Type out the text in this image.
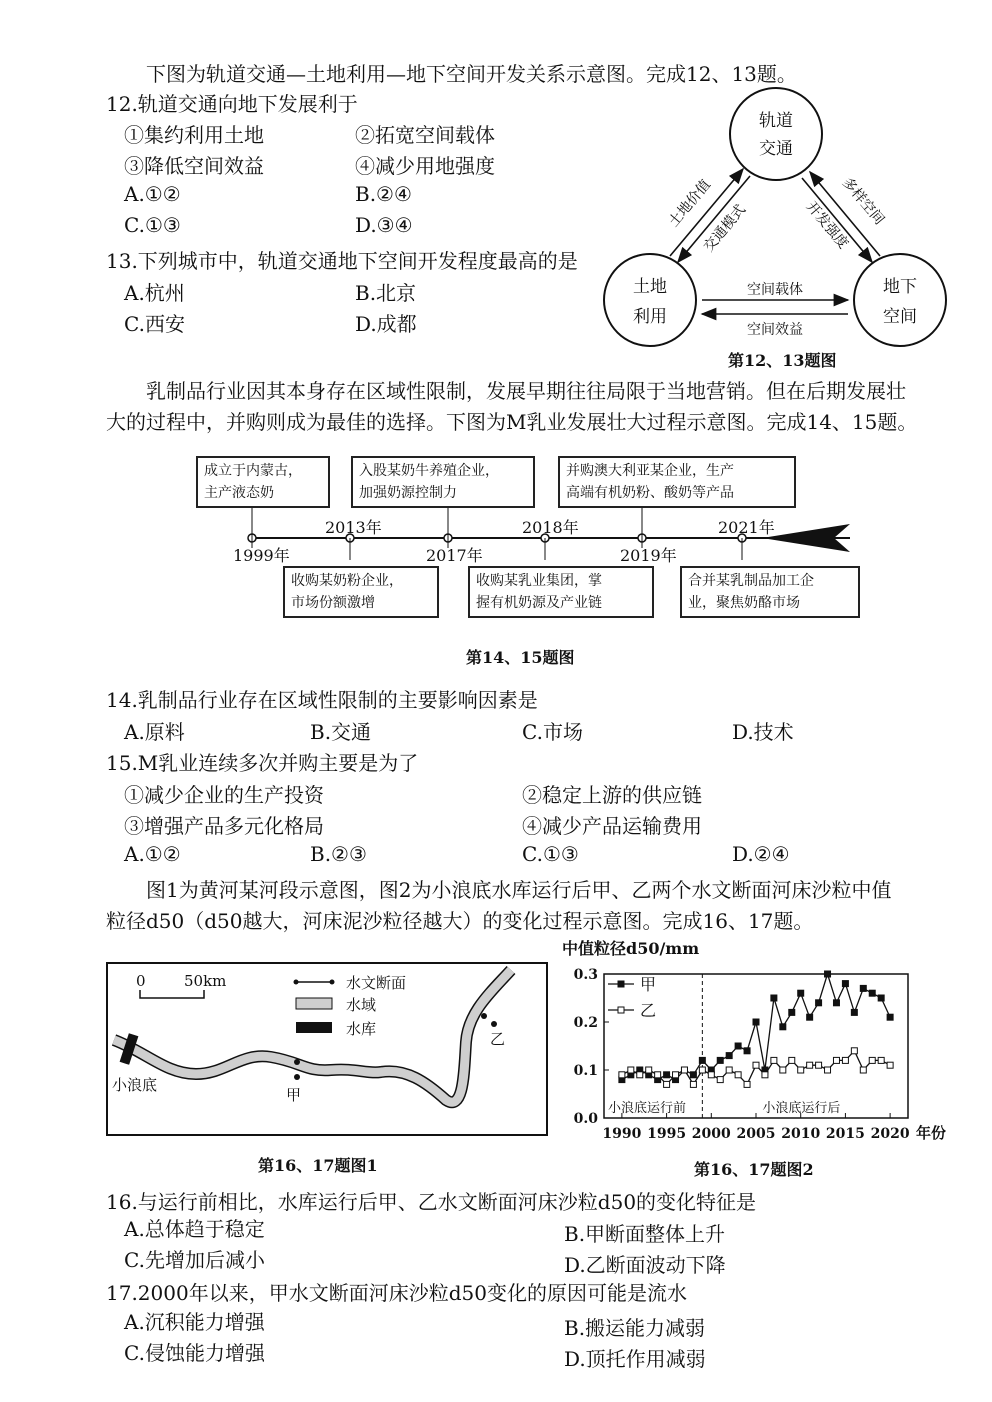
下图为轨道交通—土地利用—地下空间开发关系示意图。完成12、13题。
12.轨道交通向地下发展利于
①集约利用土地	②拓宽空间载体
③降低空间效益	④减少用地强度
A.①②	B.②④
C.①③	D.③④
13.下列城市中，轨道交通地下空间开发程度最高的是
A.杭州	B.北京
C.西安	D.成都
轨道
交通
土地
利用
地下
空间
土地价值
交通模式
多样空间
开发强度
空间载体
空间效益
第12、13题图
乳制品行业因其本身存在区域性限制，发展早期往往局限于当地营销。但在后期发展壮
大的过程中，并购则成为最佳的选择。下图为M乳业发展壮大过程示意图。完成14、15题。
1999年
2013年
2017年
2018年
2019年
2021年
成立于内蒙古，
主产液态奶
入股某奶牛养殖企业，
加强奶源控制力
并购澳大利亚某企业，生产
高端有机奶粉、酸奶等产品
收购某奶粉企业，
市场份额激增
收购某乳业集团，掌
握有机奶源及产业链
合并某乳制品加工企
业，聚焦奶酪市场
第14、15题图
14.乳制品行业存在区域性限制的主要影响因素是
A.原料	B.交通	C.市场	D.技术
15.M乳业连续多次并购主要是为了
①减少企业的生产投资	②稳定上游的供应链
③增强产品多元化格局	④减少产品运输费用
A.①②	B.②③	C.①③	D.②④
图1为黄河某河段示意图，图2为小浪底水库运行后甲、乙两个水文断面河床沙粒中值
粒径d50（d50越大，河床泥沙粒径越大）的变化过程示意图。完成16、17题。
0	50km	水文断面
水域
水库
小浪底
甲
乙
第16、17题图1
中值粒径d50/mm
0.0
0.1
0.2
0.3
1990 1995 2000 2005 2010 2015 2020 年份
小浪底运行前	小浪底运行后
甲
乙
第16、17题图2
16.与运行前相比，水库运行后甲、乙水文断面河床沙粒d50的变化特征是
A.总体趋于稳定	B.甲断面整体上升
C.先增加后减小	D.乙断面波动下降
17.2000年以来，甲水文断面河床沙粒d50变化的原因可能是流水
A.沉积能力增强	B.搬运能力减弱
C.侵蚀能力增强	D.顶托作用减弱
